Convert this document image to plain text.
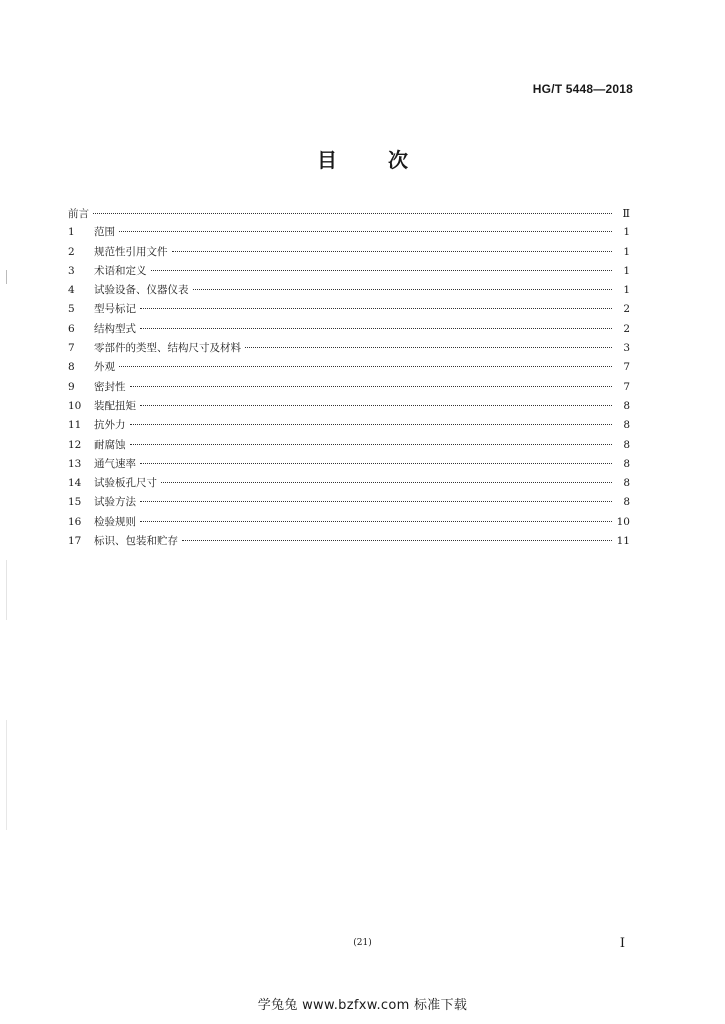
HG/T 5448—2018
目	次
前言	Ⅱ
1	范围	1
2	规范性引用文件	1
3	术语和定义	1
4	试验设备、仪器仪表	1
5	型号标记	2
6	结构型式	2
7	零部件的类型、结构尺寸及材料	3
8	外观	7
9	密封性	7
10	装配扭矩	8
11	抗外力	8
12	耐腐蚀	8
13	通气速率	8
14	试验板孔尺寸	8
15	试验方法	8
16	检验规则	10
17	标识、包装和贮存	11
(21)	I
学兔兔 www.bzfxw.com 标准下载
